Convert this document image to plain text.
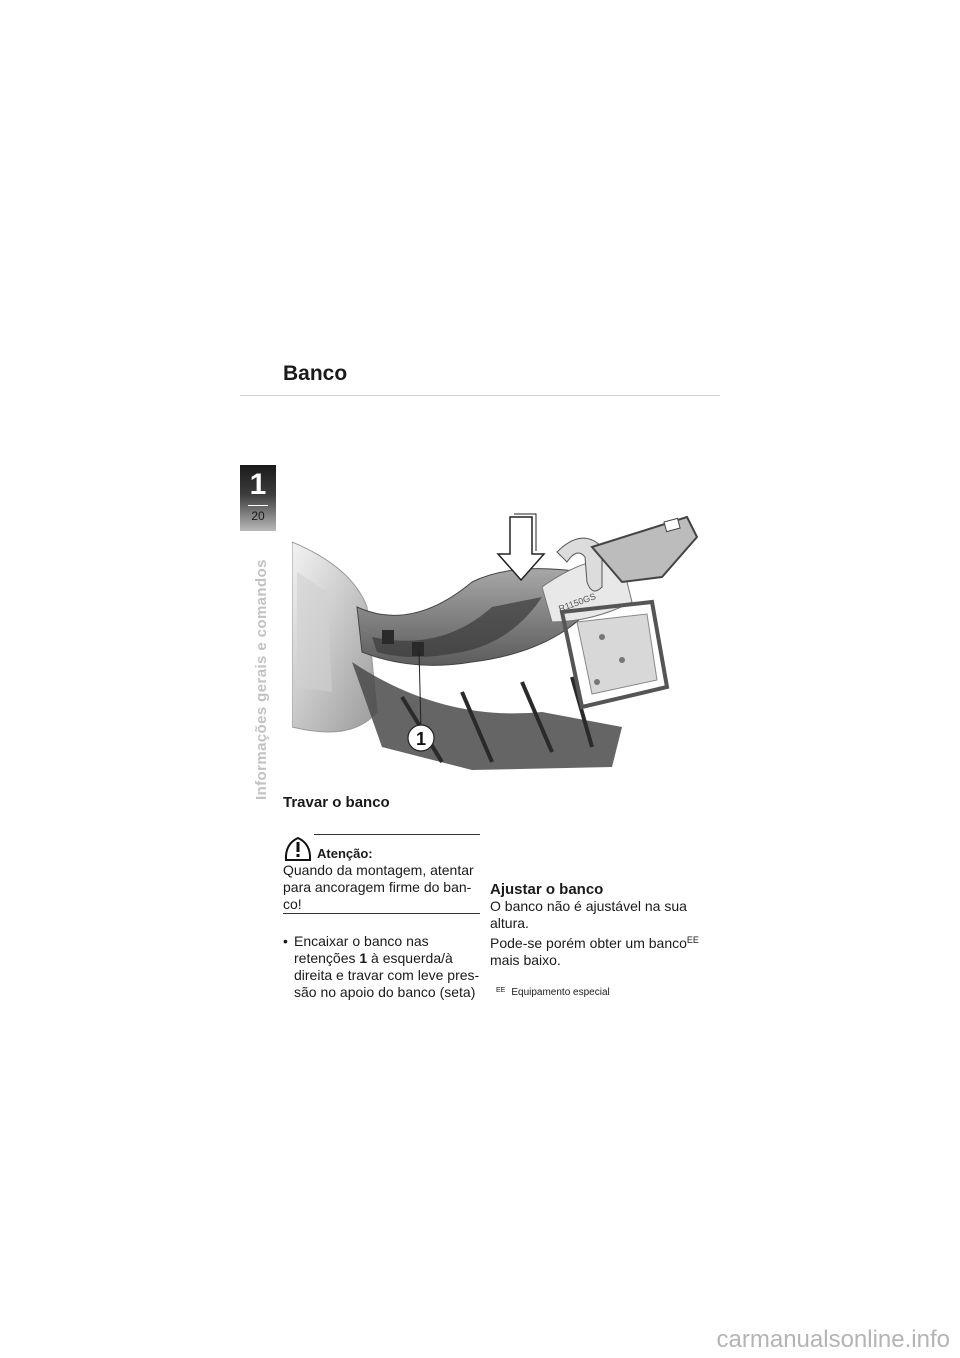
Banco
1
20
Informações gerais e comandos	R1150GS
1
Travar o banco
Atenção:
Quando da montagem, atentar para ancoragem firme do ban-co!
• Encaixar o banco nas retenções 1 à esquerda/à direita e travar com leve pres-são no apoio do banco (seta)
Ajustar o banco
O banco não é ajustável na sua altura.
Pode-se porém obter um banco$^{EE}$ mais baixo.
$^{EE}$ Equipamento especial
carmanualsonline.info
